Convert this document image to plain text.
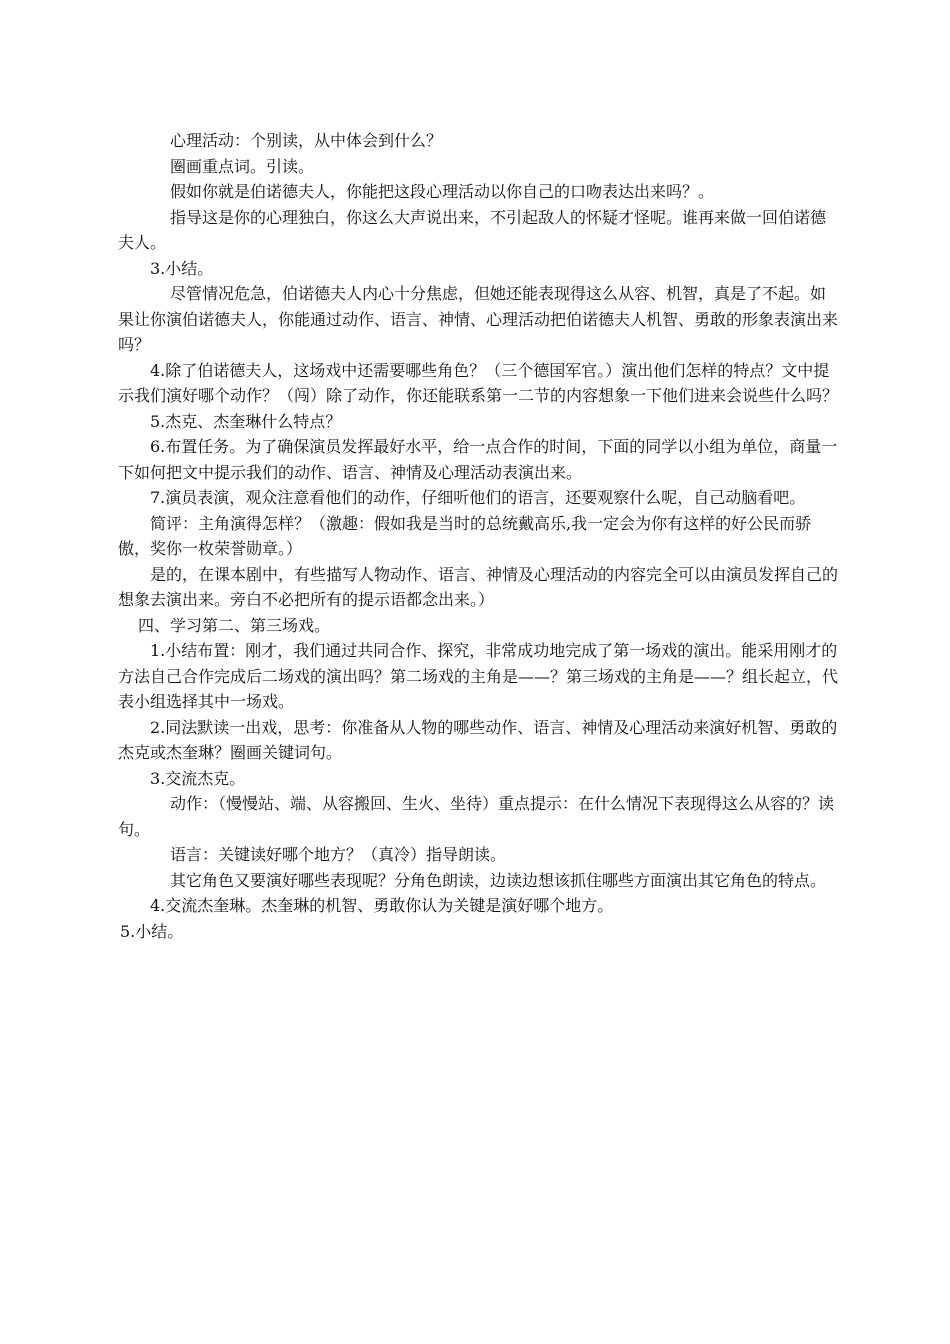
心理活动：个别读，从中体会到什么？

圈画重点词。引读。

假如你就是伯诺德夫人，你能把这段心理活动以你自己的口吻表达出来吗？。

指导这是你的心理独白，你这么大声说出来，不引起敌人的怀疑才怪呢。谁再来做一回伯诺德夫人。

3.小结。

尽管情况危急，伯诺德夫人内心十分焦虑，但她还能表现得这么从容、机智，真是了不起。如果让你演伯诺德夫人，你能通过动作、语言、神情、心理活动把伯诺德夫人机智、勇敢的形象表演出来吗？

4.除了伯诺德夫人，这场戏中还需要哪些角色？（三个德国军官。）演出他们怎样的特点？文中提示我们演好哪个动作？（闯）除了动作，你还能联系第一二节的内容想象一下他们进来会说些什么吗？

5.杰克、杰奎琳什么特点？

6.布置任务。为了确保演员发挥最好水平，给一点合作的时间，下面的同学以小组为单位，商量一下如何把文中提示我们的动作、语言、神情及心理活动表演出来。

7.演员表演，观众注意看他们的动作，仔细听他们的语言，还要观察什么呢，自己动脑看吧。

简评：主角演得怎样？（激趣：假如我是当时的总统戴高乐,我一定会为你有这样的好公民而骄傲，奖你一枚荣誉勋章。）

是的，在课本剧中，有些描写人物动作、语言、神情及心理活动的内容完全可以由演员发挥自己的想象去演出来。旁白不必把所有的提示语都念出来。）

四、学习第二、第三场戏。

1.小结布置：刚才，我们通过共同合作、探究，非常成功地完成了第一场戏的演出。能采用刚才的方法自己合作完成后二场戏的演出吗？第二场戏的主角是——？第三场戏的主角是——？组长起立，代表小组选择其中一场戏。

2.同法默读一出戏，思考：你准备从人物的哪些动作、语言、神情及心理活动来演好机智、勇敢的杰克或杰奎琳？圈画关键词句。

3.交流杰克。

动作：（慢慢站、端、从容搬回、生火、坐待）重点提示：在什么情况下表现得这么从容的？读句。

语言：关键读好哪个地方？（真冷）指导朗读。

其它角色又要演好哪些表现呢？分角色朗读，边读边想该抓住哪些方面演出其它角色的特点。

4.交流杰奎琳。杰奎琳的机智、勇敢你认为关键是演好哪个地方。

5.小结。
